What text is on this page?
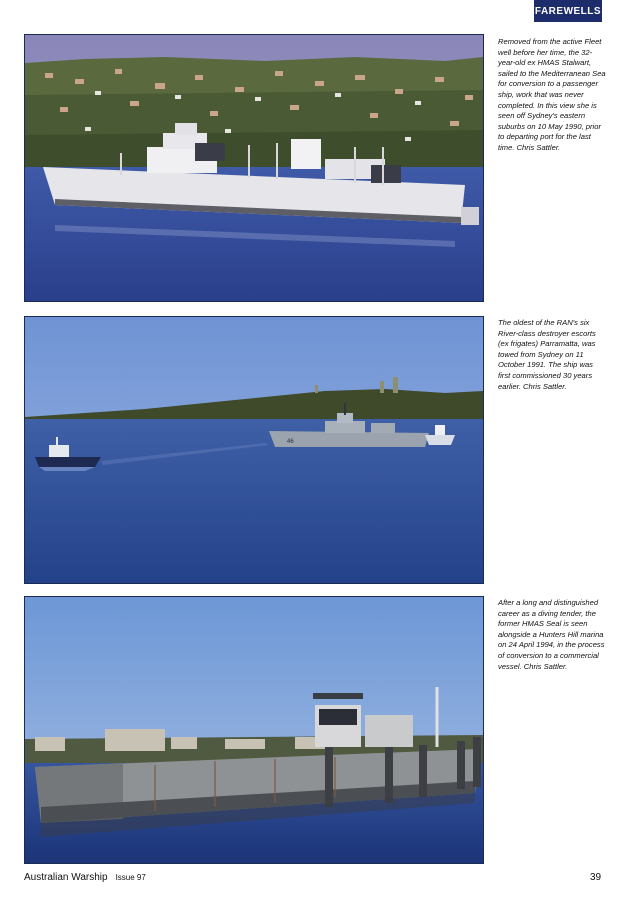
FAREWELLS
Removed from the active Fleet well before her time, the 32-year-old ex HMAS Stalwart, sailed to the Mediterranean Sea for conversion to a passenger ship, work that was never completed. In this view she is seen off Sydney's eastern suburbs on 10 May 1990, prior to departing port for the last time. Chris Sattler.
46
The oldest of the RAN's six River-class destroyer escorts (ex frigates) Parramatta, was towed from Sydney on 11 October 1991. The ship was first commissioned 30 years earlier. Chris Sattler.
After a long and distinguished career as a diving tender, the former HMAS Seal is seen alongside a Hunters Hill marina on 24 April 1994, in the process of conversion to a commercial vessel. Chris Sattler.
Australian Warship Issue 97	39
